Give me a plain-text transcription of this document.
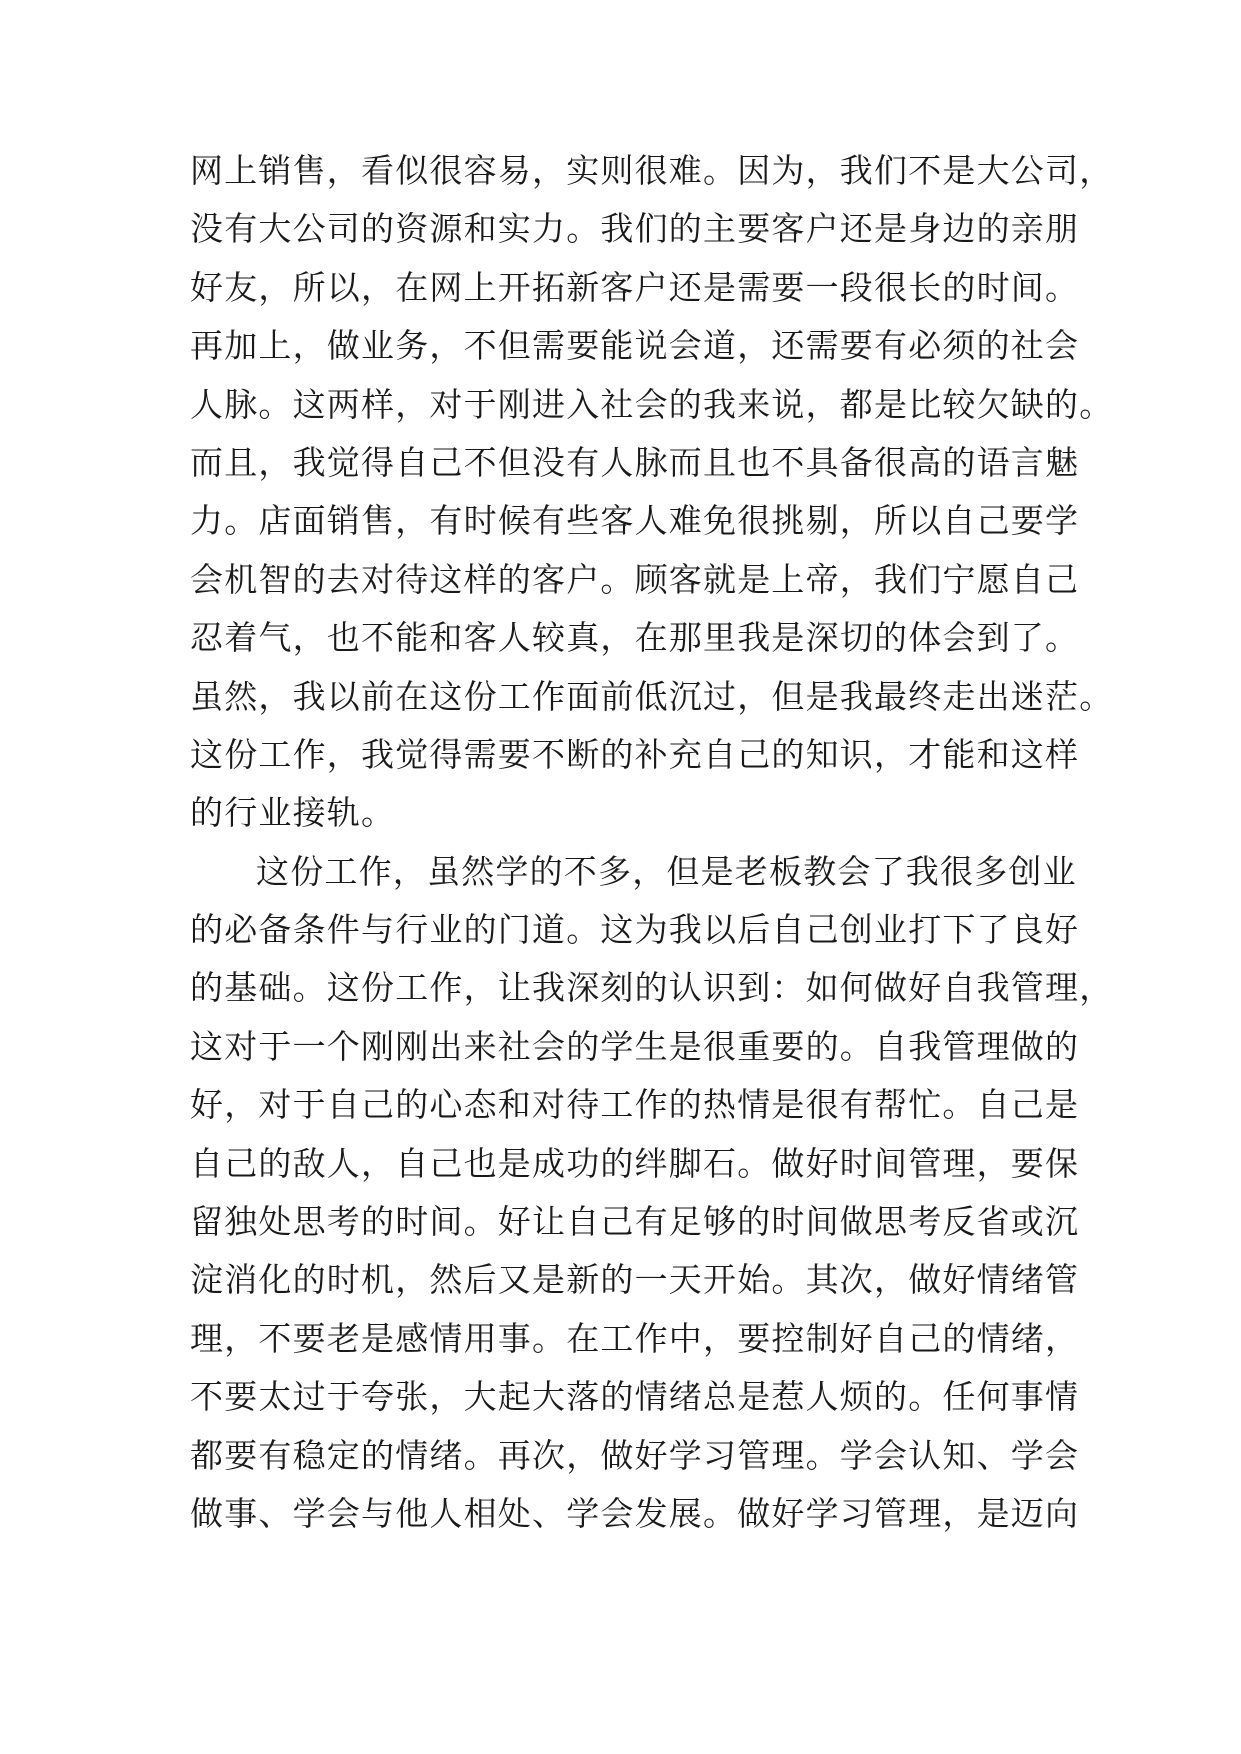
网上销售，看似很容易，实则很难。因为，我们不是大公司，
没有大公司的资源和实力。我们的主要客户还是身边的亲朋
好友，所以，在网上开拓新客户还是需要一段很长的时间。
再加上，做业务，不但需要能说会道，还需要有必须的社会
人脉。这两样，对于刚进入社会的我来说，都是比较欠缺的。
而且，我觉得自己不但没有人脉而且也不具备很高的语言魅
力。店面销售，有时候有些客人难免很挑剔，所以自己要学
会机智的去对待这样的客户。顾客就是上帝，我们宁愿自己
忍着气，也不能和客人较真，在那里我是深切的体会到了。
虽然，我以前在这份工作面前低沉过，但是我最终走出迷茫。
这份工作，我觉得需要不断的补充自己的知识，才能和这样
的行业接轨。
这份工作，虽然学的不多，但是老板教会了我很多创业
的必备条件与行业的门道。这为我以后自己创业打下了良好
的基础。这份工作，让我深刻的认识到：如何做好自我管理，
这对于一个刚刚出来社会的学生是很重要的。自我管理做的
好，对于自己的心态和对待工作的热情是很有帮忙。自己是
自己的敌人，自己也是成功的绊脚石。做好时间管理，要保
留独处思考的时间。好让自己有足够的时间做思考反省或沉
淀消化的时机，然后又是新的一天开始。其次，做好情绪管
理，不要老是感情用事。在工作中，要控制好自己的情绪，
不要太过于夸张，大起大落的情绪总是惹人烦的。任何事情
都要有稳定的情绪。再次，做好学习管理。学会认知、学会
做事、学会与他人相处、学会发展。做好学习管理，是迈向
